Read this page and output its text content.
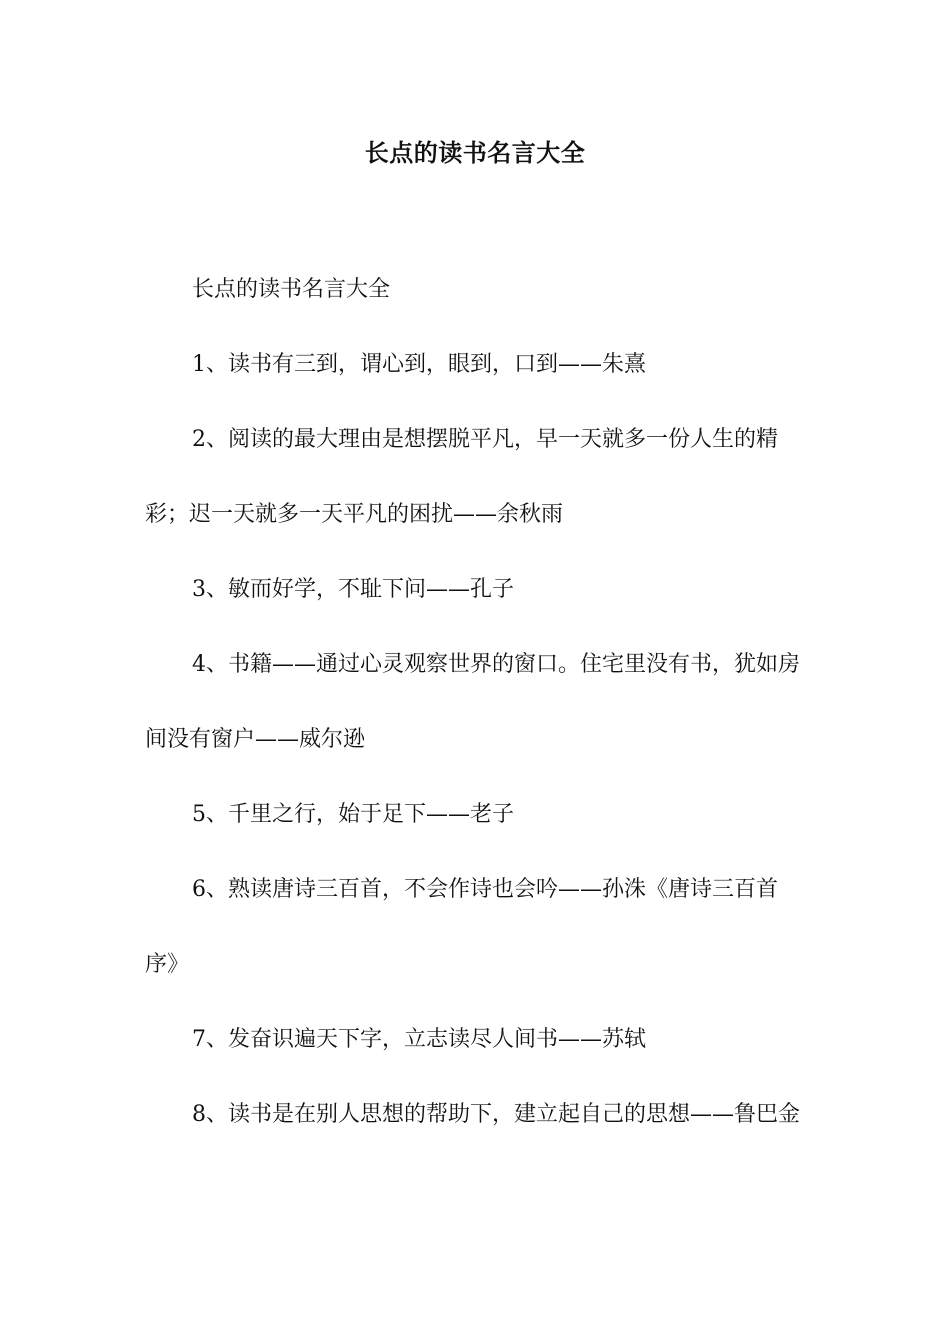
长点的读书名言大全

长点的读书名言大全

1、读书有三到，谓心到，眼到，口到——朱熹

2、阅读的最大理由是想摆脱平凡，早一天就多一份人生的精彩；迟一天就多一天平凡的困扰——余秋雨

3、敏而好学，不耻下问——孔子

4、书籍——通过心灵观察世界的窗口。住宅里没有书，犹如房间没有窗户——威尔逊

5、千里之行，始于足下——老子

6、熟读唐诗三百首，不会作诗也会吟——孙洙《唐诗三百首序》

7、发奋识遍天下字，立志读尽人间书——苏轼

8、读书是在别人思想的帮助下，建立起自己的思想——鲁巴金
